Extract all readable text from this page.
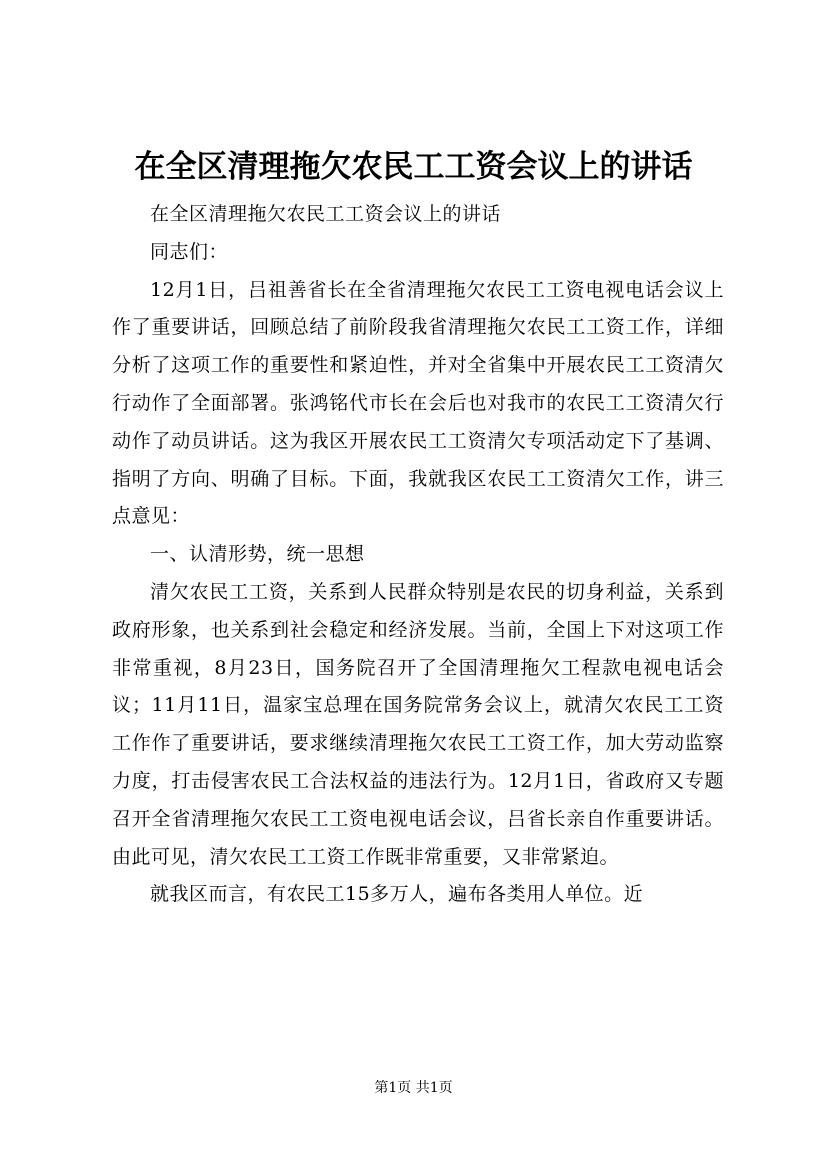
在全区清理拖欠农民工工资会议上的讲话

在全区清理拖欠农民工工资会议上的讲话

同志们：

12月1日，吕祖善省长在全省清理拖欠农民工工资电视电话会议上作了重要讲话，回顾总结了前阶段我省清理拖欠农民工工资工作，详细分析了这项工作的重要性和紧迫性，并对全省集中开展农民工工资清欠行动作了全面部署。张鸿铭代市长在会后也对我市的农民工工资清欠行动作了动员讲话。这为我区开展农民工工资清欠专项活动定下了基调、指明了方向、明确了目标。下面，我就我区农民工工资清欠工作，讲三点意见：

一、认清形势，统一思想

清欠农民工工资，关系到人民群众特别是农民的切身利益，关系到政府形象，也关系到社会稳定和经济发展。当前，全国上下对这项工作非常重视，8月23日，国务院召开了全国清理拖欠工程款电视电话会议；11月11日，温家宝总理在国务院常务会议上，就清欠农民工工资工作作了重要讲话，要求继续清理拖欠农民工工资工作，加大劳动监察力度，打击侵害农民工合法权益的违法行为。12月1日，省政府又专题召开全省清理拖欠农民工工资电视电话会议，吕省长亲自作重要讲话。由此可见，清欠农民工工资工作既非常重要，又非常紧迫。

就我区而言，有农民工15多万人，遍布各类用人单位。近

第1页 共1页
